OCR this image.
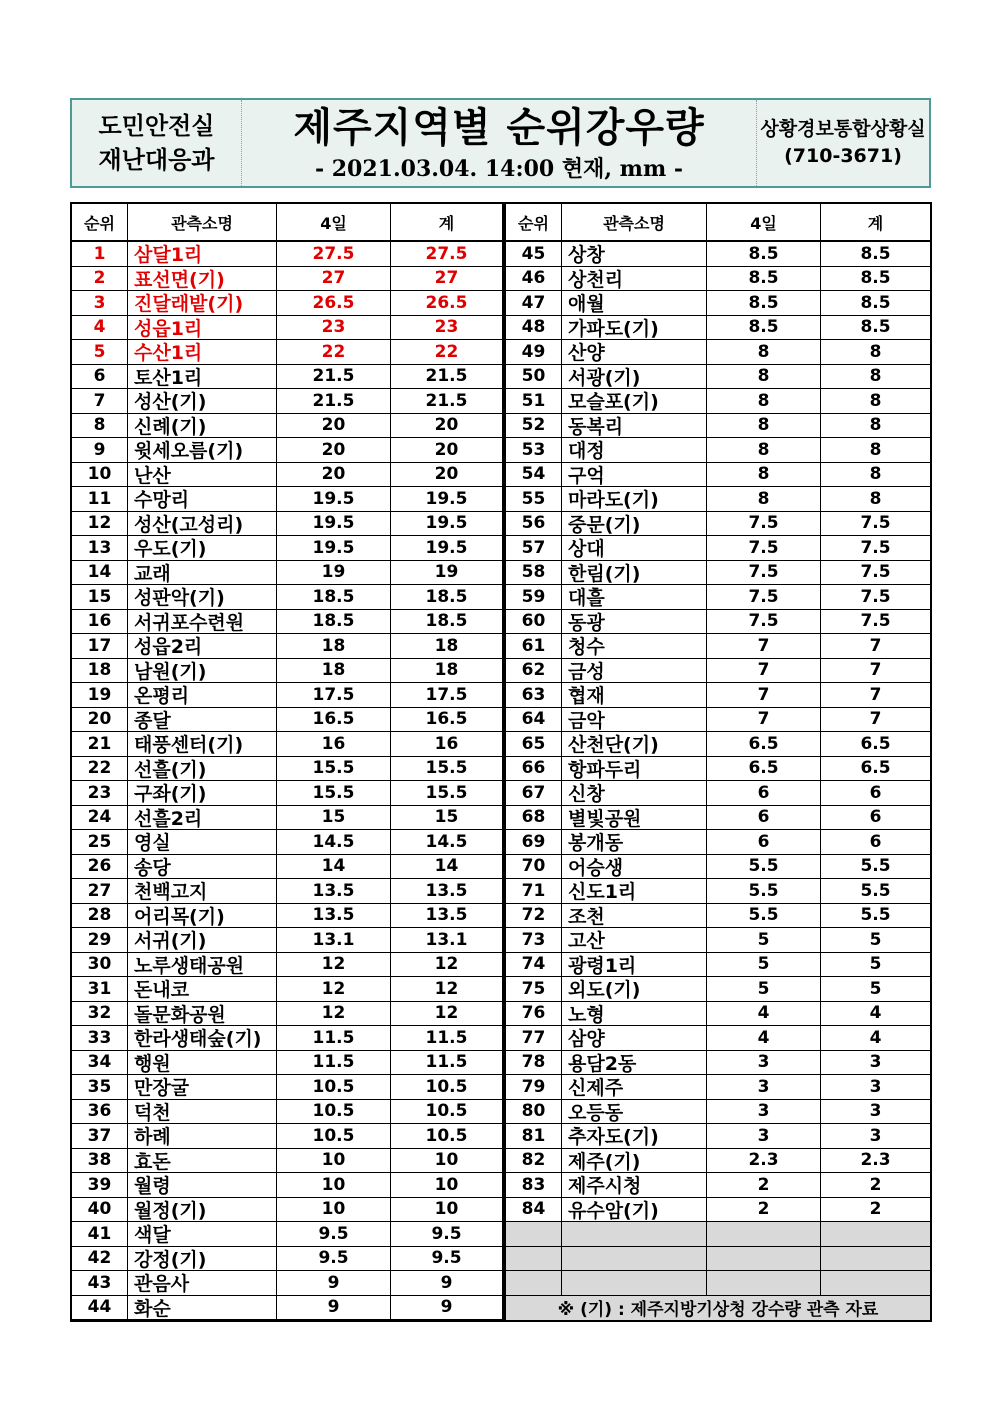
도민안전실
재난대응과
제주지역별 순위강우량
- 2021.03.04. 14:00 현재, mm -
상황경보통합상황실
(710-3671)
순위	관측소명	4일	계
1	삼달1리	27.5	27.5
2	표선면(기)	27	27
3	진달래밭(기)	26.5	26.5
4	성읍1리	23	23
5	수산1리	22	22
6	토산1리	21.5	21.5
7	성산(기)	21.5	21.5
8	신례(기)	20	20
9	윗세오름(기)	20	20
10	난산	20	20
11	수망리	19.5	19.5
12	성산(고성리)	19.5	19.5
13	우도(기)	19.5	19.5
14	교래	19	19
15	성판악(기)	18.5	18.5
16	서귀포수련원	18.5	18.5
17	성읍2리	18	18
18	남원(기)	18	18
19	온평리	17.5	17.5
20	종달	16.5	16.5
21	태풍센터(기)	16	16
22	선흘(기)	15.5	15.5
23	구좌(기)	15.5	15.5
24	선흘2리	15	15
25	영실	14.5	14.5
26	송당	14	14
27	천백고지	13.5	13.5
28	어리목(기)	13.5	13.5
29	서귀(기)	13.1	13.1
30	노루생태공원	12	12
31	돈내코	12	12
32	돌문화공원	12	12
33	한라생태숲(기)	11.5	11.5
34	행원	11.5	11.5
35	만장굴	10.5	10.5
36	덕천	10.5	10.5
37	하례	10.5	10.5
38	효돈	10	10
39	월령	10	10
40	월정(기)	10	10
41	색달	9.5	9.5
42	강정(기)	9.5	9.5
43	관음사	9	9
44	화순	9	9
순위	관측소명	4일	계
45	상창	8.5	8.5
46	상천리	8.5	8.5
47	애월	8.5	8.5
48	가파도(기)	8.5	8.5
49	산양	8	8
50	서광(기)	8	8
51	모슬포(기)	8	8
52	동복리	8	8
53	대정	8	8
54	구억	8	8
55	마라도(기)	8	8
56	중문(기)	7.5	7.5
57	상대	7.5	7.5
58	한림(기)	7.5	7.5
59	대흘	7.5	7.5
60	동광	7.5	7.5
61	청수	7	7
62	금성	7	7
63	협재	7	7
64	금악	7	7
65	산천단(기)	6.5	6.5
66	항파두리	6.5	6.5
67	신창	6	6
68	별빛공원	6	6
69	봉개동	6	6
70	어승생	5.5	5.5
71	신도1리	5.5	5.5
72	조천	5.5	5.5
73	고산	5	5
74	광령1리	5	5
75	외도(기)	5	5
76	노형	4	4
77	삼양	4	4
78	용담2동	3	3
79	신제주	3	3
80	오등동	3	3
81	추자도(기)	3	3
82	제주(기)	2.3	2.3
83	제주시청	2	2
84	유수암(기)	2	2
※ (기) : 제주지방기상청 강수량 관측 자료
